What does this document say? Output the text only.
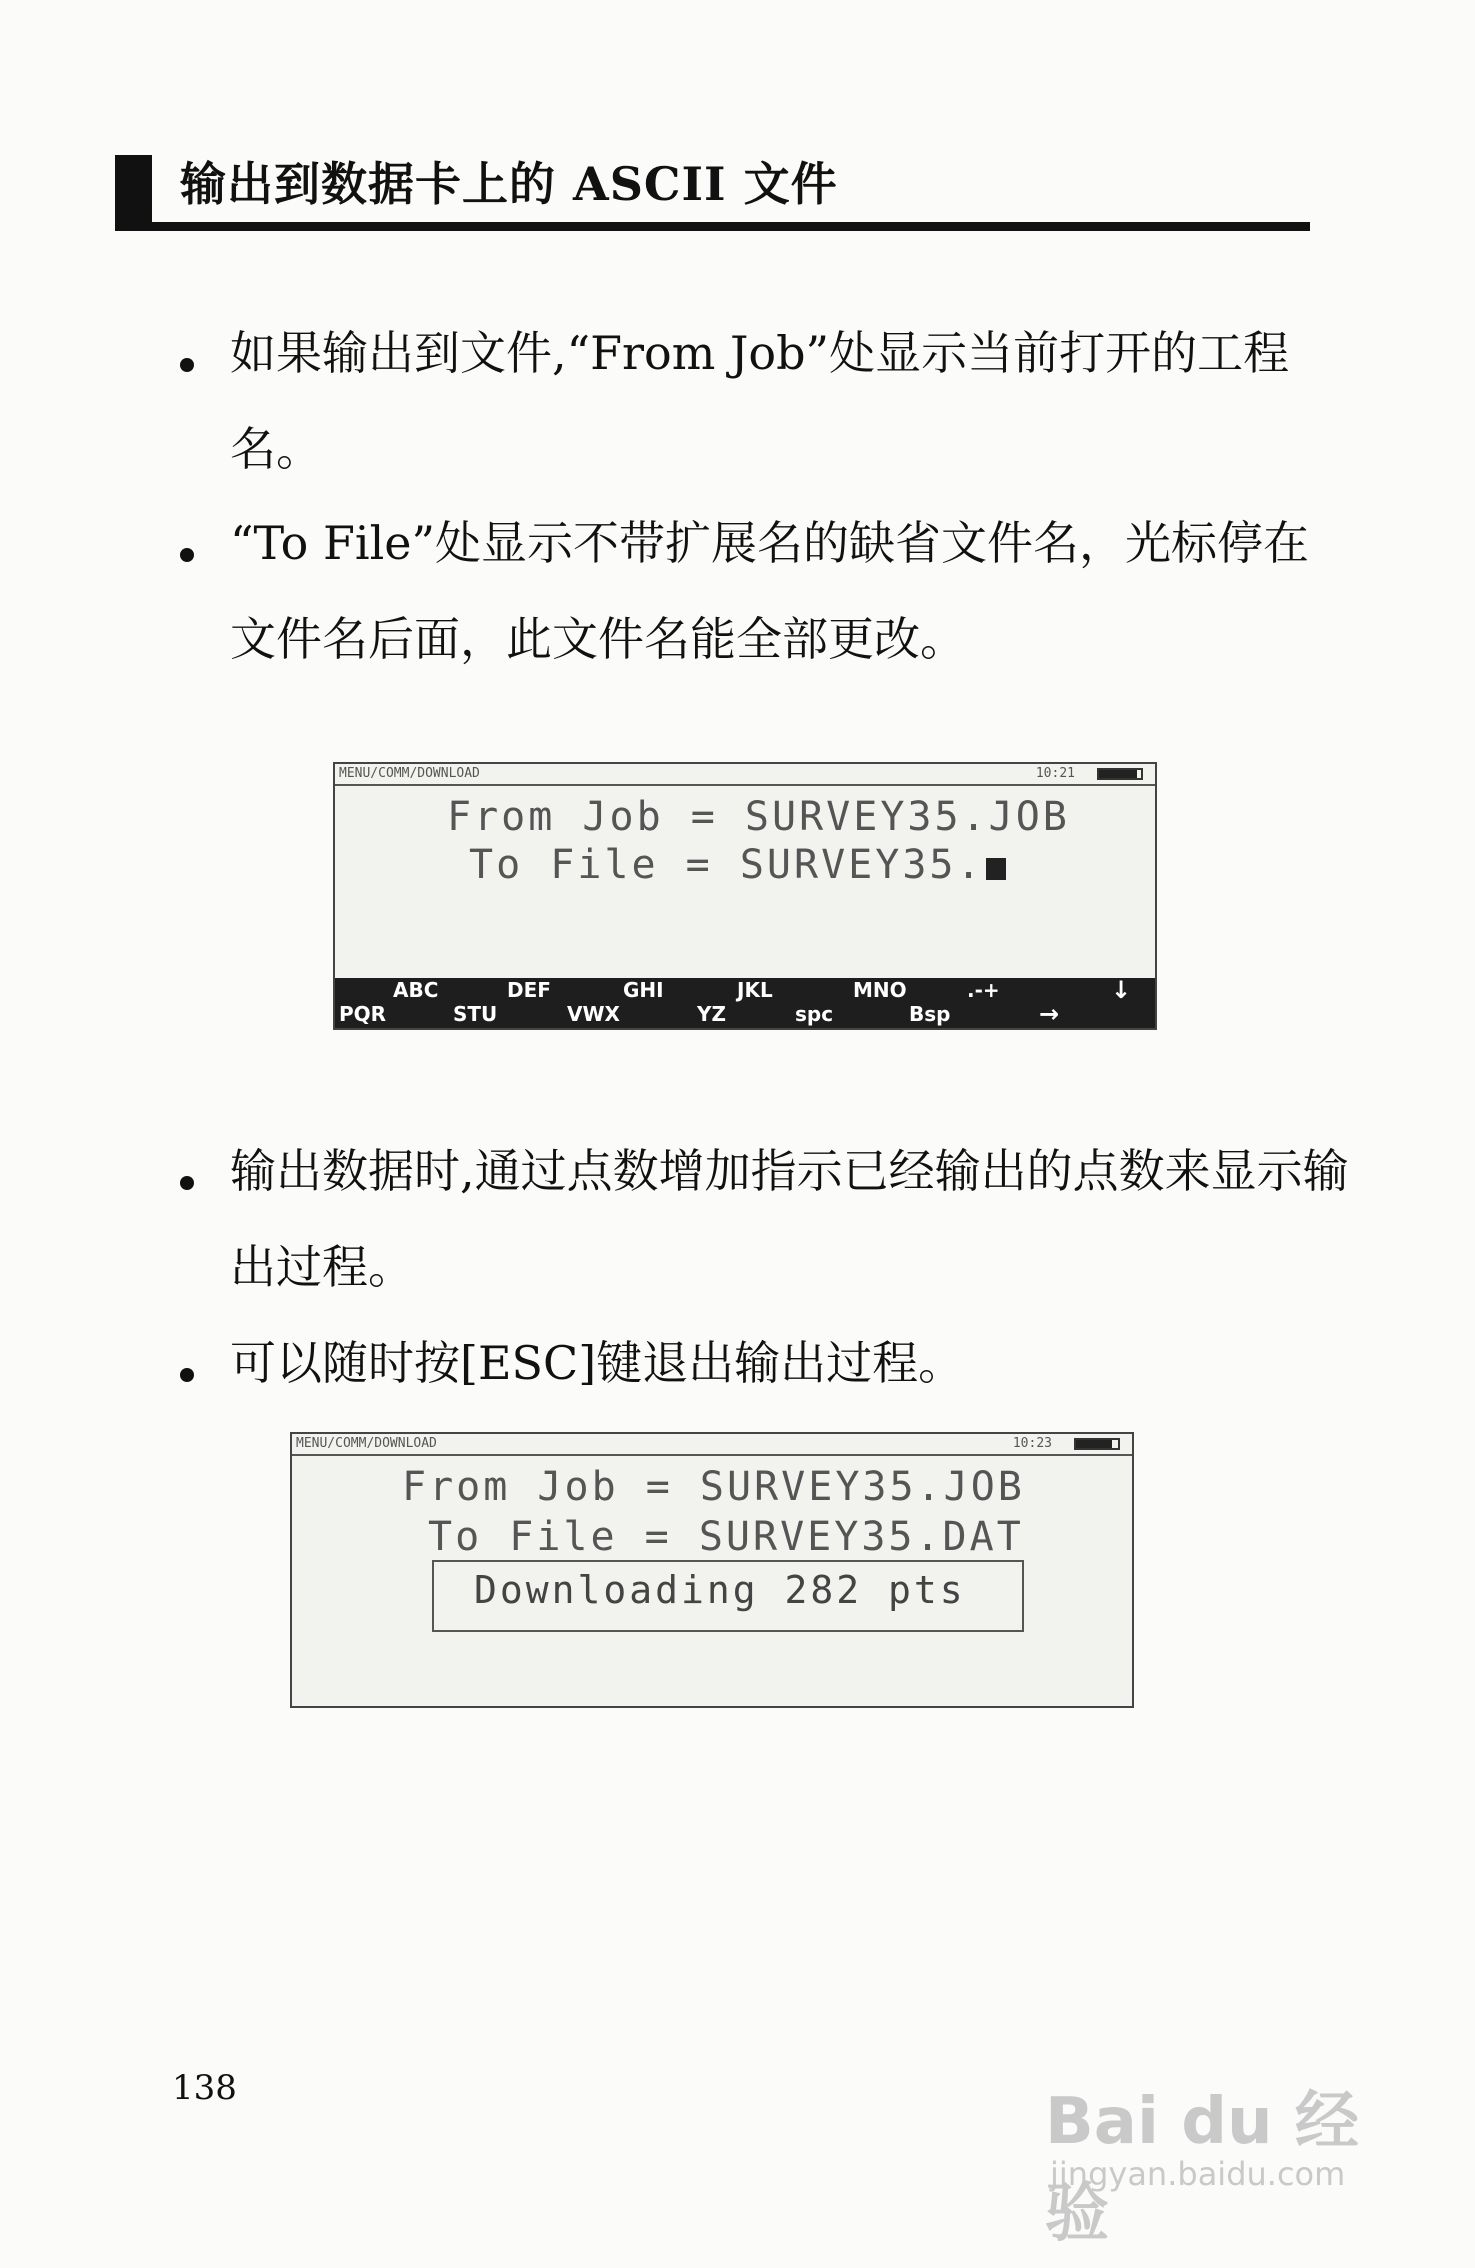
输出到数据卡上的 ASCII 文件
如果输出到文件,“From Job”处显示当前打开的工程名。
“To File”处显示不带扩展名的缺省文件名，光标停在文件名后面，此文件名能全部更改。
MENU/COMM/DOWNLOAD	10:21
From Job = SURVEY35.JOB
To File = SURVEY35.
ABC	DEF	GHI	JKL	MNO	.-+	↓
PQR	STU	VWX	YZ	spc	Bsp	→
输出数据时,通过点数增加指示已经输出的点数来显示输出过程。
可以随时按[ESC]键退出输出过程。
MENU/COMM/DOWNLOAD	10:23
From Job = SURVEY35.JOB
To File = SURVEY35.DAT
Downloading 282 pts
138	Bai du 经验
jingyan.baidu.com
